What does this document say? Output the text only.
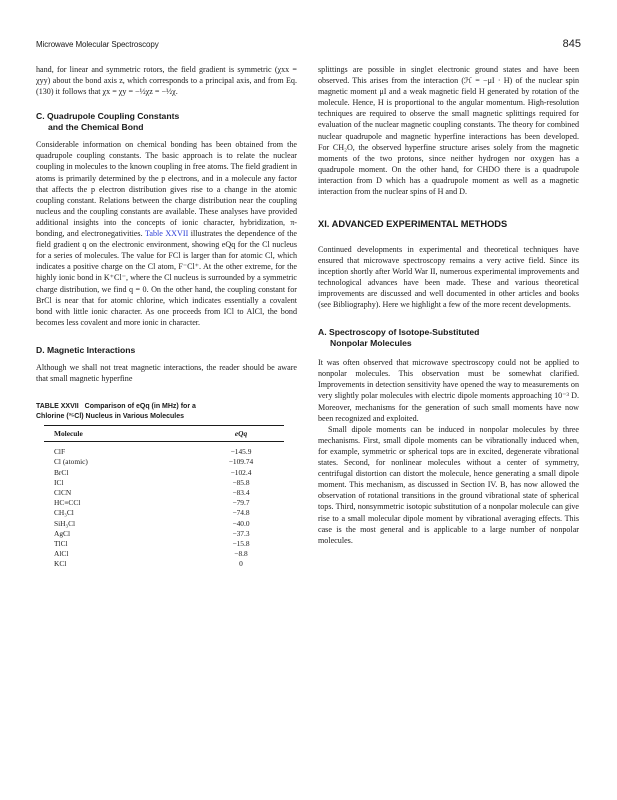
Microwave Molecular Spectroscopy	845

hand, for linear and symmetric rotors, the field gradient is symmetric (χxx = χyy) about the bond axis z, which corresponds to a principal axis, and from Eq. (130) it follows that χx = χy = −½χz = −½χ.

C. Quadrupole Coupling Constants
and the Chemical Bond

Considerable information on chemical bonding has been obtained from the quadrupole coupling constants. The basic approach is to relate the nuclear coupling in molecules to the known coupling in free atoms. The field gradient in atoms is primarily determined by the p electrons, and in a molecule any factor that affects the p electron distribution gives rise to a change in the atomic coupling constant. Relations between the charge distribution near the coupling nucleus and the coupling constants are available. These analyses have provided additional insights into the concepts of ionic character, hybridization, π-bonding, and electronegativities. Table XXVII illustrates the dependence of the field gradient q on the electronic environment, showing eQq for the Cl nucleus for a series of molecules. The value for FCl is larger than for atomic Cl, which indicates a positive charge on the Cl atom, F⁻Cl⁺. At the other extreme, for the highly ionic bond in K⁺Cl⁻, where the Cl nucleus is surrounded by a symmetric charge distribution, we find q = 0. On the other hand, the coupling constant for BrCl is near that for atomic chlorine, which indicates essentially a covalent bond with little ionic character. As one proceeds from ICl to AlCl, the bond becomes less covalent and more ionic in character.

D. Magnetic Interactions

Although we shall not treat magnetic interactions, the reader should be aware that small magnetic hyperfine

TABLE XXVII Comparison of eQq (in MHz) for a
Chlorine (³⁵Cl) Nucleus in Various Molecules

Molecule	eQq
ClF	−145.9
Cl (atomic)	−109.74
BrCl	−102.4
ICl	−85.8
ClCN	−83.4
HC≡CCl	−79.7
CH₃Cl	−74.8
SiH₃Cl	−40.0
AgCl	−37.3
TlCl	−15.8
AlCl	−8.8
KCl	0

splittings are possible in singlet electronic ground states and have been observed. This arises from the interaction (ℋ = −μI · H) of the nuclear spin magnetic moment μI and a weak magnetic field H generated by rotation of the molecule. Hence, H is proportional to the angular momentum. High-resolution techniques are required to observe the small magnetic splittings required for evaluation of the nuclear magnetic coupling constants. The theory for combined nuclear quadrupole and magnetic hyperfine interactions has been developed. For CH₂O, the observed hyperfine structure arises solely from the magnetic moments of the two protons, since neither hydrogen nor oxygen has a quadrupole moment. On the other hand, for CHDO there is a quadrupole interaction from D which has a quadrupole moment as well as a magnetic interaction from the nuclear spins of H and D.

XI. ADVANCED EXPERIMENTAL METHODS

Continued developments in experimental and theoretical techniques have ensured that microwave spectroscopy remains a very active field. Since its inception shortly after World War II, numerous experimental improvements and technological advances have been made. These and various theoretical improvements are discussed and well documented in other articles and books (see Bibliography). Here we highlight a few of the more recent developments.

A. Spectroscopy of Isotope-Substituted
Nonpolar Molecules

It was often observed that microwave spectroscopy could not be applied to nonpolar molecules. This observation must be somewhat clarified. Improvements in detection sensitivity have opened the way to measurements on very slightly polar molecules with electric dipole moments approaching 10⁻³ D. Moreover, mechanisms for the generation of such small moments have now been recognized and exploited.

Small dipole moments can be induced in nonpolar molecules by three mechanisms. First, small dipole moments can be vibrationally induced when, for example, symmetric or spherical tops are in excited, degenerate vibrational states. Second, for nonlinear molecules without a center of symmetry, centrifugal distortion can distort the molecule, hence generating a small dipole moment. This mechanism, as discussed in Section IV. B, has now allowed the observation of rotational transitions in the ground vibrational state of spherical tops. Third, nonsymmetric isotopic substitution of a nonpolar molecule can give rise to a small molecular dipole moment by vibrational averaging effects. This case is the most general and is applicable to a large number of nonpolar molecules.
